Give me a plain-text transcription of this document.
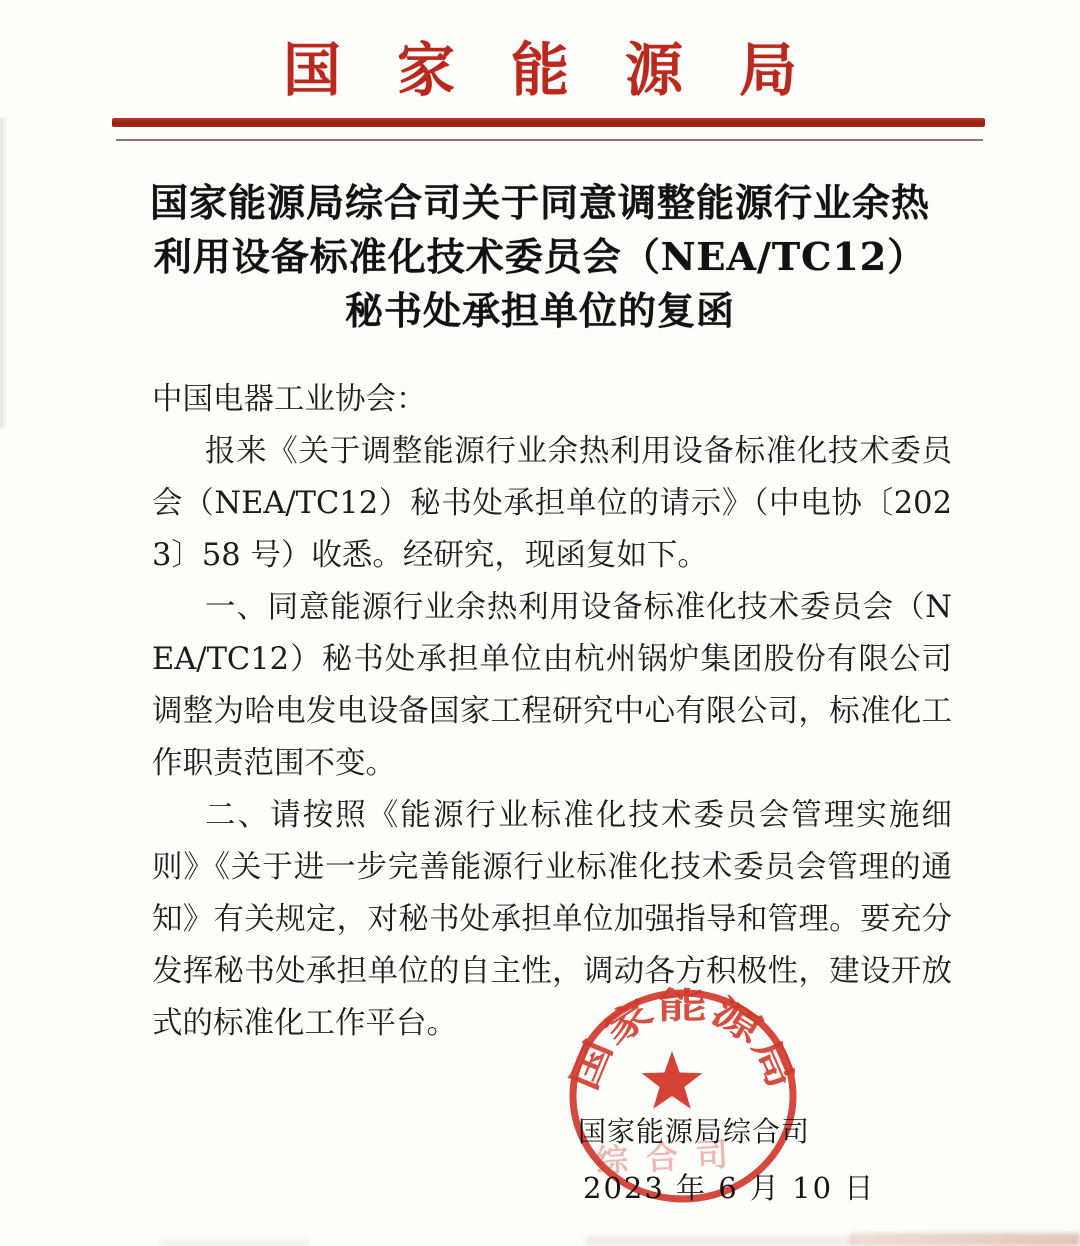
国家能源局
国家能源局综合司关于同意调整能源行业余热
利用设备标准化技术委员会（NEA/TC12）
秘书处承担单位的复函

中国电器工业协会：

报来《关于调整能源行业余热利用设备标准化技术委员会（NEA/TC12）秘书处承担单位的请示》（中电协〔2023〕58 号）收悉。经研究，现函复如下。

一、同意能源行业余热利用设备标准化技术委员会（NEA/TC12）秘书处承担单位由杭州锅炉集团股份有限公司调整为哈电发电设备国家工程研究中心有限公司，标准化工作职责范围不变。

二、请按照《能源行业标准化技术委员会管理实施细则》《关于进一步完善能源行业标准化技术委员会管理的通知》有关规定，对秘书处承担单位加强指导和管理。要充分发挥秘书处承担单位的自主性，调动各方积极性，建设开放式的标准化工作平台。

国家能源局综合司
2023 年 6 月 10 日
国家能源局
综合司
